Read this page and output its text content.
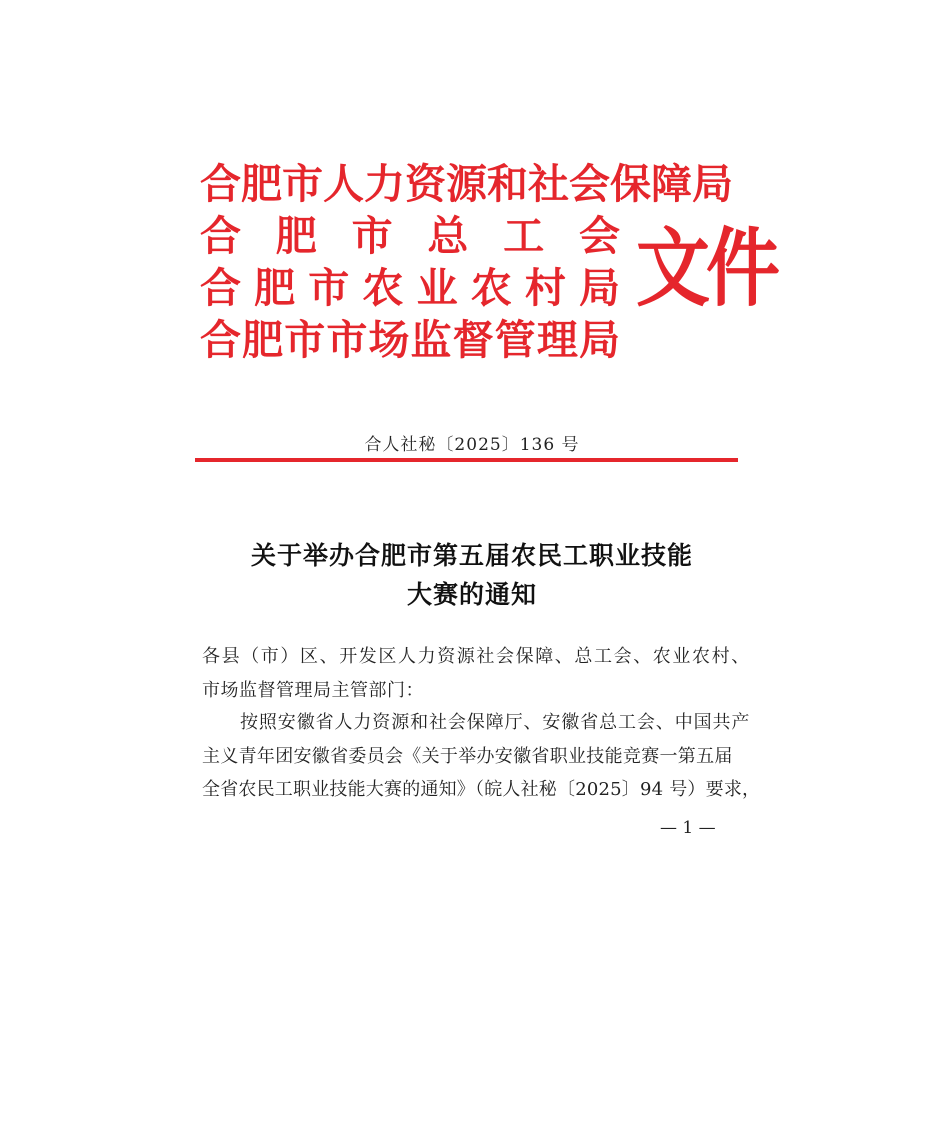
合肥市人力资源和社会保障局
合 肥 市 总 工 会
合 肥 市 农 业 农 村 局
合 肥 市 市 场 监 督 管 理 局
文件
合人社秘〔2025〕136 号
关于举办合肥市第五届农民工职业技能
大赛的通知
各县（市）区、开发区人力资源社会保障、总工会、农业农村、
市场监督管理局主管部门：
按照安徽省人力资源和社会保障厅、安徽省总工会、中国共产
主义青年团安徽省委员会《关于举办安徽省职业技能竞赛一第五届
全省农民工职业技能大赛的通知》（皖人社秘〔2025〕94 号）要求，
— 1 —
